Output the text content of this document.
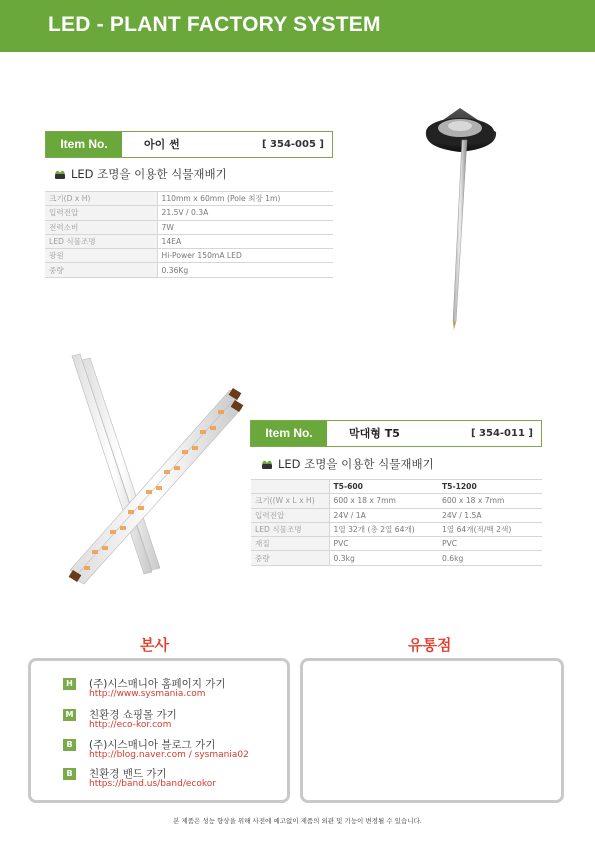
LED - PLANT FACTORY SYSTEM
Item No.	아이 썬	[ 354-005 ]
LED 조명을 이용한 식물재배기
크기(D x H)	110mm x 60mm (Pole 최장 1m)
입력전압	21.5V / 0.3A
전력소비	7W
LED 식물조명	14EA
광원	Hi-Power 150mA LED
중량	0.36Kg
Item No.	막대형 T5	[ 354-011 ]
LED 조명을 이용한 식물재배기
	T5-600	T5-1200
크기((W x L x H)	600 x 18 x 7mm	600 x 18 x 7mm
입력전압	24V / 1A	24V / 1.5A
LED 식물조명	1열 32개 (총 2열 64개)	1열 64개(적/백 2색)
재질	PVC	PVC
중량	0.3kg	0.6kg
본사	유통점
H	(주)시스매니아 홈페이지 가기
http://www.sysmania.com
M 친환경 쇼핑몰 가기
http://eco-kor.com
B	(주)시스매니아 블로그 가기
http://blog.naver.com / sysmania02
B	친환경 밴드 가기
https://band.us/band/ecokor
본 제품은 성능 향상을 위해 사전에 예고없이 제품의 외관 및 기능이 변경될 수 있습니다.
